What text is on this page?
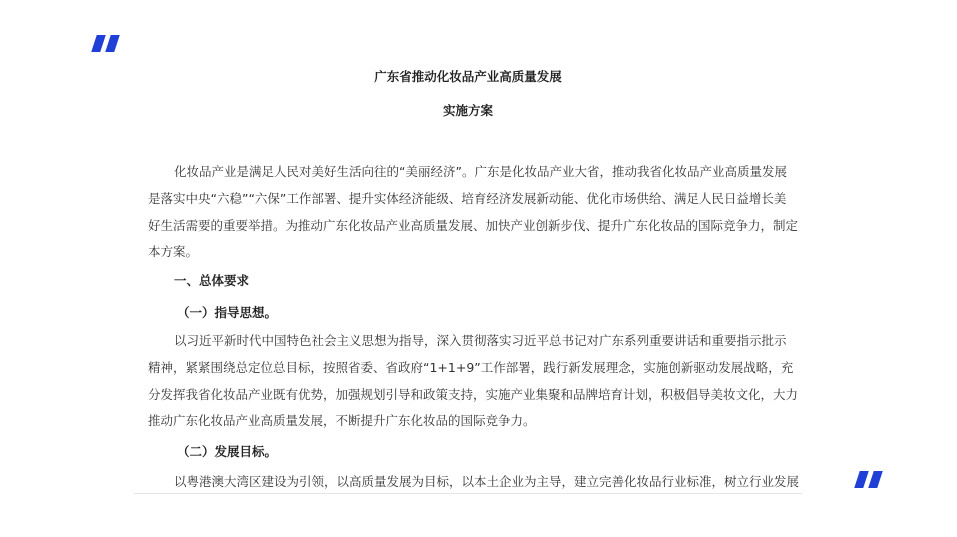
广东省推动化妆品产业高质量发展
实施方案
化妆品产业是满足人民对美好生活向往的“美丽经济”。广东是化妆品产业大省，推动我省化妆品产业高质量发展是落实中央“六稳”“六保”工作部署、提升实体经济能级、培育经济发展新动能、优化市场供给、满足人民日益增长美好生活需要的重要举措。为推动广东化妆品产业高质量发展、加快产业创新步伐、提升广东化妆品的国际竞争力，制定本方案。
一、总体要求
（一）指导思想。
以习近平新时代中国特色社会主义思想为指导，深入贯彻落实习近平总书记对广东系列重要讲话和重要指示批示精神，紧紧围绕总定位总目标，按照省委、省政府“1+1+9”工作部署，践行新发展理念，实施创新驱动发展战略，充分发挥我省化妆品产业既有优势，加强规划引导和政策支持，实施产业集聚和品牌培育计划，积极倡导美妆文化，大力推动广东化妆品产业高质量发展，不断提升广东化妆品的国际竞争力。
（二）发展目标。
以粤港澳大湾区建设为引领，以高质量发展为目标，以本土企业为主导，建立完善化妆品行业标准，树立行业发展
